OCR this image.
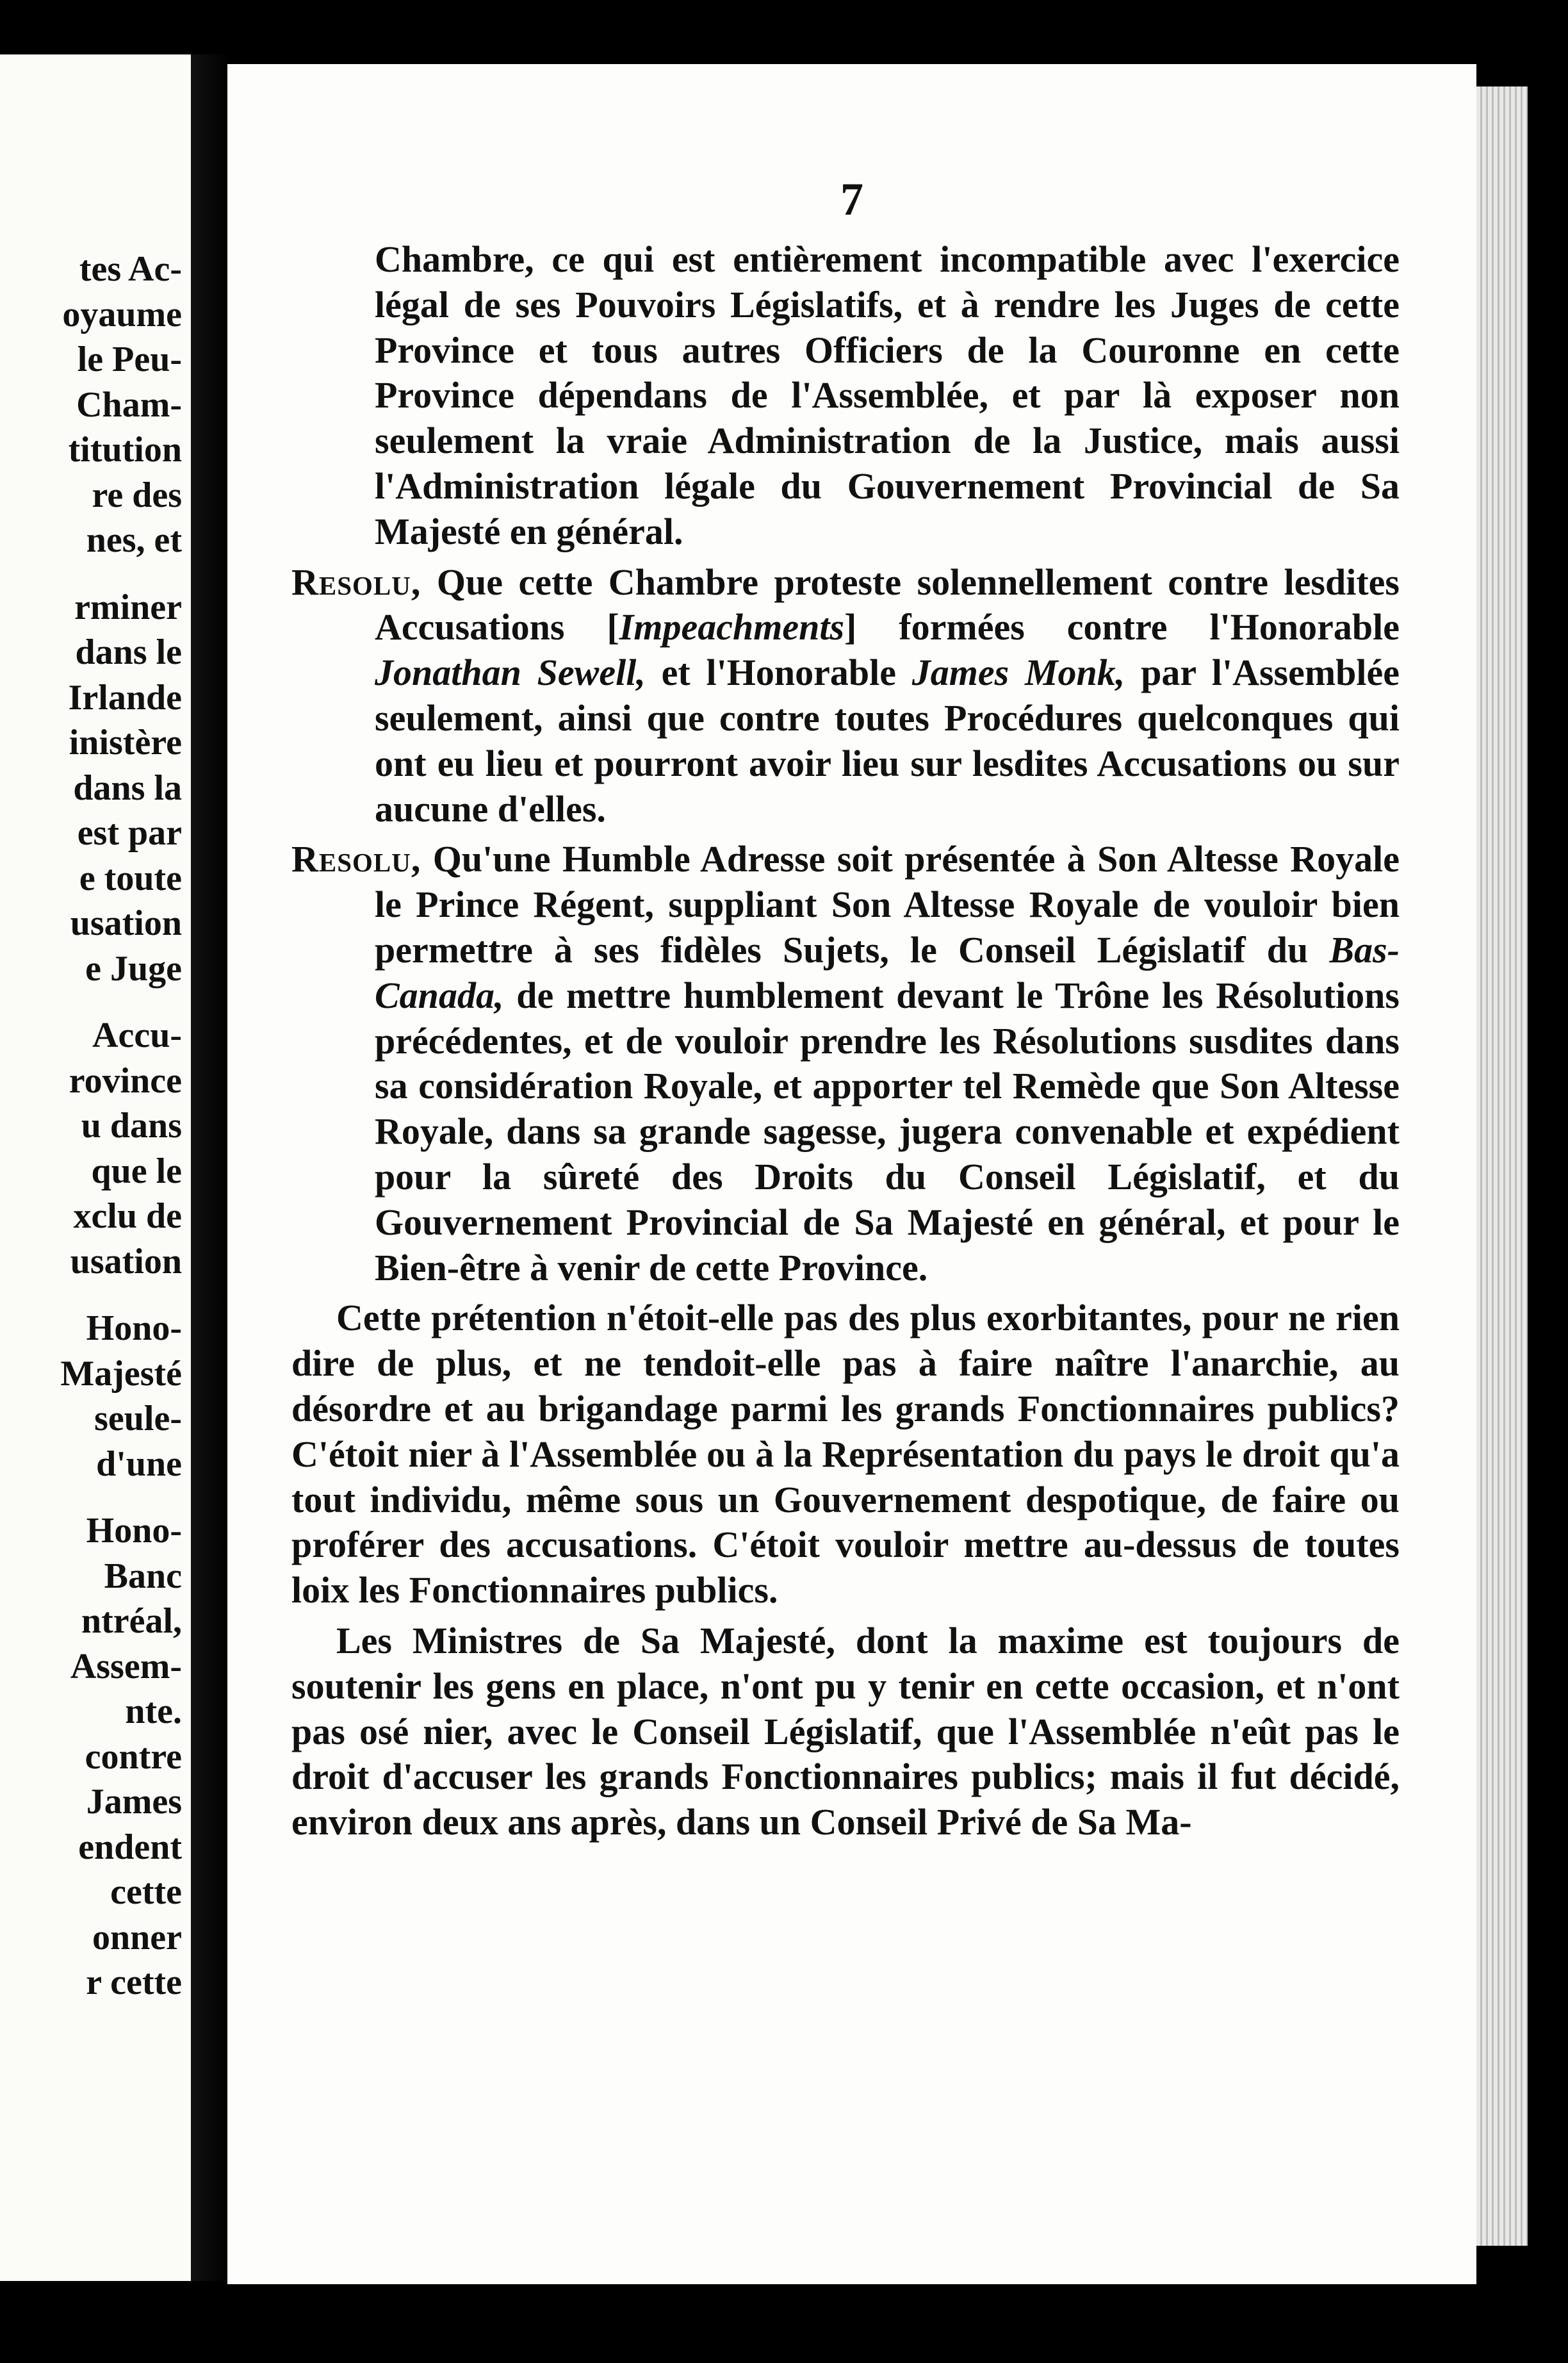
tes Ac-
oyaume
le Peu-
Cham-
titution
re des
nes, et
rminer
dans le
Irlande
inistère
dans la
est par
e toute
usation
e Juge
Accu-
rovince
u dans
que le
xclu de
usation
Hono-
Majesté
seule-
d'une
Hono-
Banc
ntréal,
Assem-
nte.
contre
James
endent
cette
onner
r cette
7

Chambre, ce qui est entièrement incompatible avec l'exercice légal de ses Pouvoirs Législatifs, et à rendre les Juges de cette Province et tous autres Officiers de la Couronne en cette Province dépendans de l'Assemblée, et par là exposer non seulement la vraie Administration de la Justice, mais aussi l'Administration légale du Gouvernement Provincial de Sa Majesté en général.

Resolu, Que cette Chambre proteste solennellement contre lesdites Accusations [Impeachments] formées contre l'Honorable Jonathan Sewell, et l'Honorable James Monk, par l'Assemblée seulement, ainsi que contre toutes Procédures quelconques qui ont eu lieu et pourront avoir lieu sur lesdites Accusations ou sur aucune d'elles.

Resolu, Qu'une Humble Adresse soit présentée à Son Altesse Royale le Prince Régent, suppliant Son Altesse Royale de vouloir bien permettre à ses fidèles Sujets, le Conseil Législatif du Bas-Canada, de mettre humblement devant le Trône les Résolutions précédentes, et de vouloir prendre les Résolutions susdites dans sa considération Royale, et apporter tel Remède que Son Altesse Royale, dans sa grande sagesse, jugera convenable et expédient pour la sûreté des Droits du Conseil Législatif, et du Gouvernement Provincial de Sa Majesté en général, et pour le Bien-être à venir de cette Province.

Cette prétention n'étoit-elle pas des plus exorbitantes, pour ne rien dire de plus, et ne tendoit-elle pas à faire naître l'anarchie, au désordre et au brigandage parmi les grands Fonctionnaires publics? C'étoit nier à l'Assemblée ou à la Représentation du pays le droit qu'a tout individu, même sous un Gouvernement despotique, de faire ou proférer des accusations. C'étoit vouloir mettre au-dessus de toutes loix les Fonctionnaires publics.

Les Ministres de Sa Majesté, dont la maxime est toujours de soutenir les gens en place, n'ont pu y tenir en cette occasion, et n'ont pas osé nier, avec le Conseil Législatif, que l'Assemblée n'eût pas le droit d'accuser les grands Fonctionnaires publics; mais il fut décidé, environ deux ans après, dans un Conseil Privé de Sa Ma-
